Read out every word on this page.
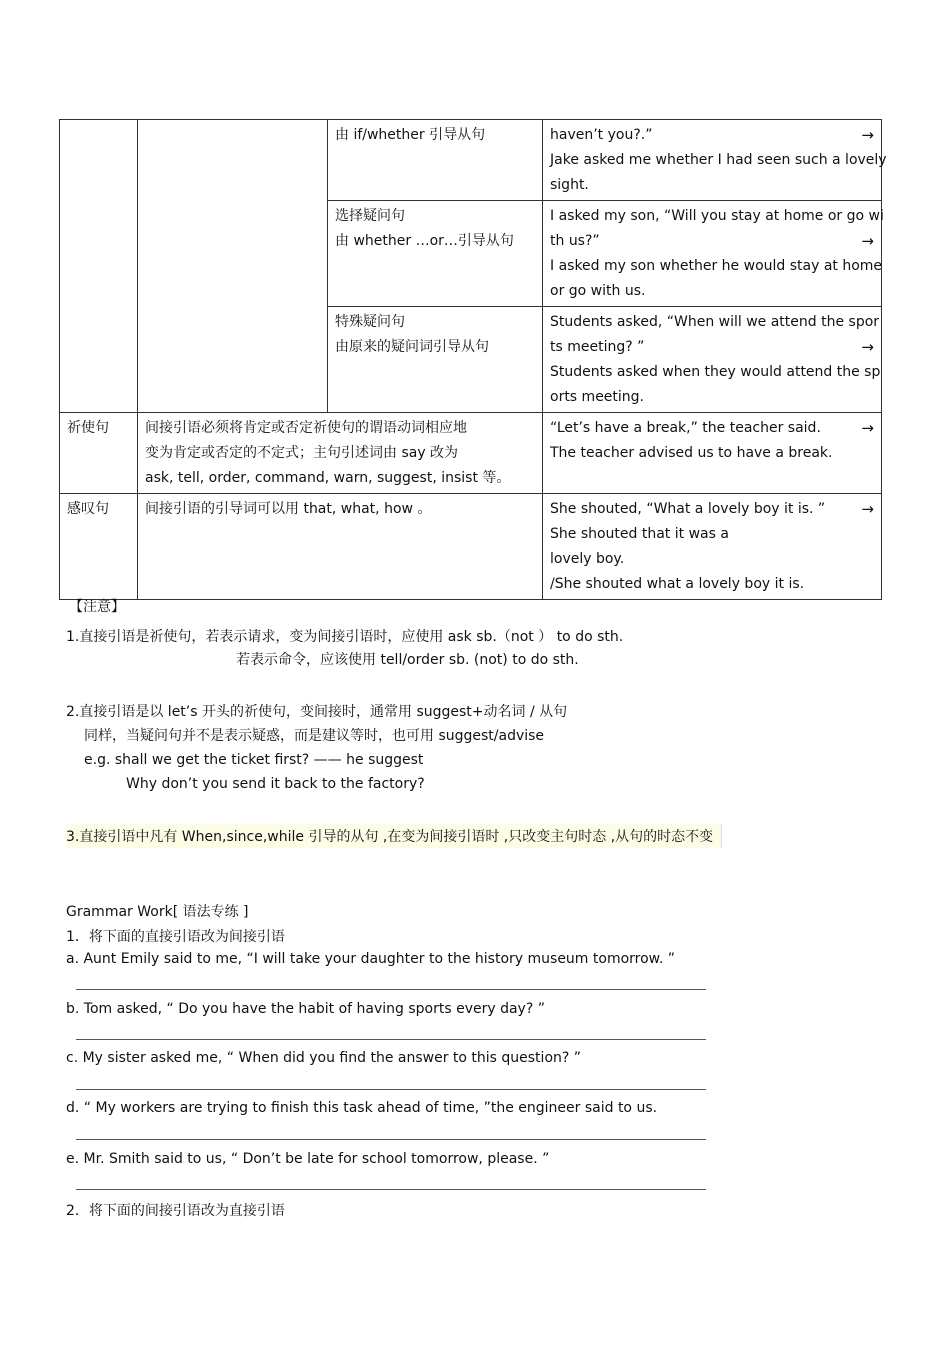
		由 if/whether 引导从句	haven’t you?.” →
Jake asked me whether I had seen such a lovely
sight.

		选择疑问句
由 whether …or…引导从句	I asked my son, “Will you stay at home or go wi
th us?” →
I asked my son whether he would stay at home
or go with us.

		特殊疑问句
由原来的疑问词引导从句	Students asked, “When will we attend the spor
ts meeting? ” →
Students asked when they would attend the sp
orts meeting.

祈使句	间接引语必须将肯定或否定祈使句的谓语动词相应地
变为肯定或否定的不定式；主句引述词由 say 改为
ask, tell, order, command, warn, suggest, insist 等。		“Let’s have a break,” the teacher said. →
The teacher advised us to have a break.

感叹句	间接引语的引导词可以用 that, what, how 。		She shouted, “What a lovely boy it is. ” →
She shouted that it was a
lovely boy.
/She shouted what a lovely boy it is.
【注意】
1.直接引语是祈使句，若表示请求，变为间接引语时，应使用 ask sb.（not ） to do sth.
若表示命令，应该使用 tell/order sb. (not) to do sth.
2.直接引语是以 let’s 开头的祈使句，变间接时，通常用 suggest+动名词 / 从句
同样，当疑问句并不是表示疑惑，而是建议等时，也可用 suggest/advise
e.g. shall we get the ticket first? —— he suggest
Why don’t you send it back to the factory?
3.直接引语中凡有 When,since,while 引导的从句 ,在变为间接引语时 ,只改变主句时态 ,从句的时态不变
Grammar Work[ 语法专练 ]
1．将下面的直接引语改为间接引语
a. Aunt Emily said to me, “I will take your daughter to the history museum tomorrow. ”
b. Tom asked, “ Do you have the habit of having sports every day? ”
c. My sister asked me, “ When did you find the answer to this question? ”
d. “ My workers are trying to finish this task ahead of time, ”the engineer said to us.
e. Mr. Smith said to us, “ Don’t be late for school tomorrow, please. ”
2．将下面的间接引语改为直接引语
